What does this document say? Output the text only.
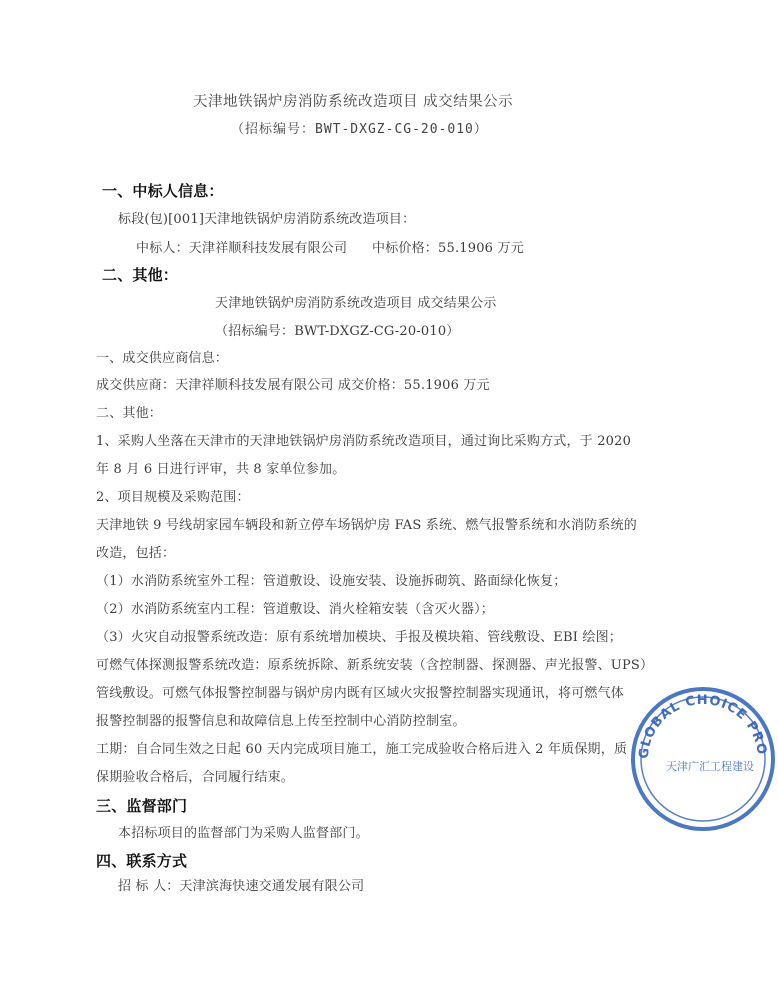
天津地铁锅炉房消防系统改造项目 成交结果公示
（招标编号：BWT-DXGZ-CG-20-010）
一、中标人信息：
标段(包)[001]天津地铁锅炉房消防系统改造项目：
中标人：天津祥顺科技发展有限公司 中标价格：55.1906 万元
二、其他：
天津地铁锅炉房消防系统改造项目 成交结果公示
（招标编号：BWT-DXGZ-CG-20-010）
一、成交供应商信息：
成交供应商：天津祥顺科技发展有限公司 成交价格：55.1906 万元
二、其他：
1、采购人坐落在天津市的天津地铁锅炉房消防系统改造项目，通过询比采购方式，于 2020
年 8 月 6 日进行评审，共 8 家单位参加。
2、项目规模及采购范围：
天津地铁 9 号线胡家园车辆段和新立停车场锅炉房 FAS 系统、燃气报警系统和水消防系统的
改造，包括：
（1）水消防系统室外工程：管道敷设、设施安装、设施拆砌筑、路面绿化恢复；
（2）水消防系统室内工程：管道敷设、消火栓箱安装（含灭火器）；
（3）火灾自动报警系统改造：原有系统增加模块、手报及模块箱、管线敷设、EBI 绘图；
可燃气体探测报警系统改造：原系统拆除、新系统安装（含控制器、探测器、声光报警、UPS）
管线敷设。可燃气体报警控制器与锅炉房内既有区域火灾报警控制器实现通讯，将可燃气体
报警控制器的报警信息和故障信息上传至控制中心消防控制室。
工期：自合同生效之日起 60 天内完成项目施工，施工完成验收合格后进入 2 年质保期，质
保期验收合格后，合同履行结束。
三、监督部门
本招标项目的监督部门为采购人监督部门。
四、联系方式
招 标 人：天津滨海快速交通发展有限公司
GLOBAL CHOICE PRO
天津广汇工程建设
